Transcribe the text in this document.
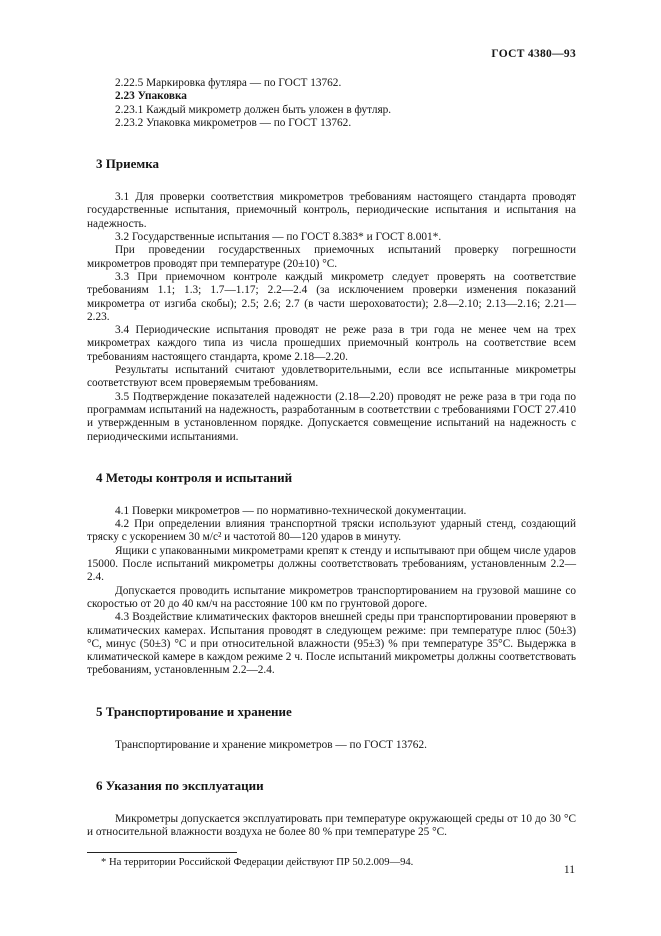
ГОСТ 4380—93

2.22.5 Маркировка футляра — по ГОСТ 13762.

2.23 Упаковка

2.23.1 Каждый микрометр должен быть уложен в футляр.

2.23.2 Упаковка микрометров — по ГОСТ 13762.

3 Приемка

3.1 Для проверки соответствия микрометров требованиям настоящего стандарта проводят государственные испытания, приемочный контроль, периодические испытания и испытания на надежность.

3.2 Государственные испытания — по ГОСТ 8.383* и ГОСТ 8.001*.

При проведении государственных приемочных испытаний проверку погрешности микрометров проводят при температуре (20±10) °С.

3.3 При приемочном контроле каждый микрометр следует проверять на соответствие требованиям 1.1; 1.3; 1.7—1.17; 2.2—2.4 (за исключением проверки изменения показаний микрометра от изгиба скобы); 2.5; 2.6; 2.7 (в части шероховатости); 2.8—2.10; 2.13—2.16; 2.21—2.23.

3.4 Периодические испытания проводят не реже раза в три года не менее чем на трех микрометрах каждого типа из числа прошедших приемочный контроль на соответствие всем требованиям настоящего стандарта, кроме 2.18—2.20.

Результаты испытаний считают удовлетворительными, если все испытанные микрометры соответствуют всем проверяемым требованиям.

3.5 Подтверждение показателей надежности (2.18—2.20) проводят не реже раза в три года по программам испытаний на надежность, разработанным в соответствии с требованиями ГОСТ 27.410 и утвержденным в установленном порядке. Допускается совмещение испытаний на надежность с периодическими испытаниями.

4 Методы контроля и испытаний

4.1 Поверки микрометров — по нормативно-технической документации.

4.2 При определении влияния транспортной тряски используют ударный стенд, создающий тряску с ускорением 30 м/с² и частотой 80—120 ударов в минуту.

Ящики с упакованными микрометрами крепят к стенду и испытывают при общем числе ударов 15000. После испытаний микрометры должны соответствовать требованиям, установленным 2.2—2.4.

Допускается проводить испытание микрометров транспортированием на грузовой машине со скоростью от 20 до 40 км/ч на расстояние 100 км по грунтовой дороге.

4.3 Воздействие климатических факторов внешней среды при транспортировании проверяют в климатических камерах. Испытания проводят в следующем режиме: при температуре плюс (50±3) °С, минус (50±3) °С и при относительной влажности (95±3) % при температуре 35°С. Выдержка в климатической камере в каждом режиме 2 ч. После испытаний микрометры должны соответствовать требованиям, установленным 2.2—2.4.

5 Транспортирование и хранение

Транспортирование и хранение микрометров — по ГОСТ 13762.

6 Указания по эксплуатации

Микрометры допускается эксплуатировать при температуре окружающей среды от 10 до 30 °С и относительной влажности воздуха не более 80 % при температуре 25 °С.

* На территории Российской Федерации действуют ПР 50.2.009—94.
11
